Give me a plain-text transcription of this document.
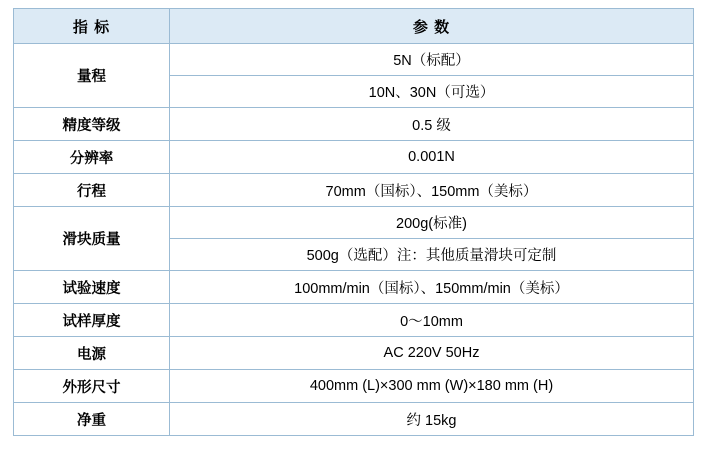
指 标	参 数
量程	5N（标配）
	10N、30N（可选）
精度等级	0.5 级
分辨率	0.001N
行程	70mm（国标）、150mm（美标）
滑块质量	200g(标准)
	500g（选配）注：其他质量滑块可定制
试验速度	100mm/min（国标）、150mm/min（美标）
试样厚度	0～10mm
电源	AC 220V 50Hz
外形尺寸	400mm (L)×300 mm (W)×180 mm (H)
净重	约 15kg
